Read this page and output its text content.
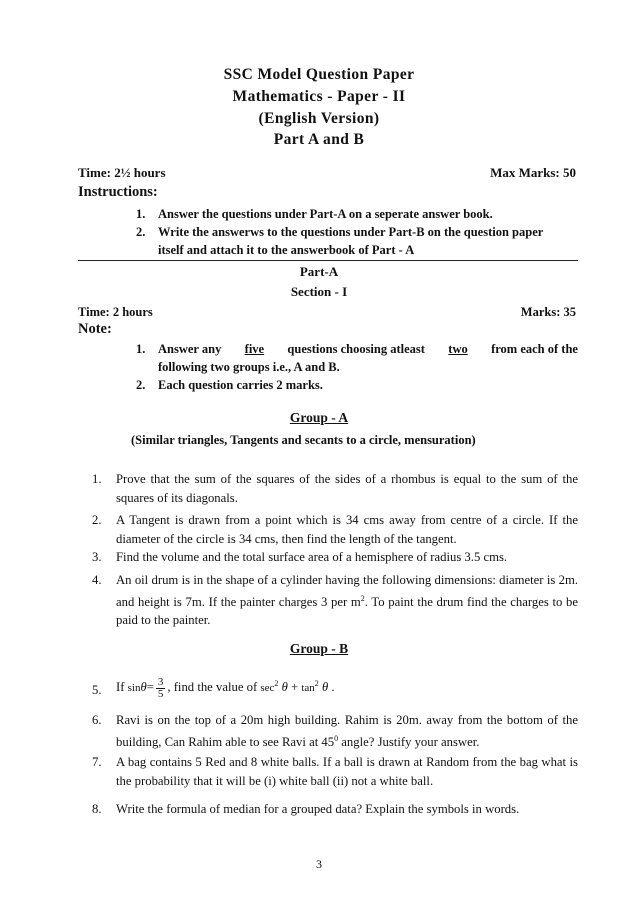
SSC Model Question Paper
Mathematics - Paper - II
(English Version)
Part A and B
Time: 2½ hours	Max Marks: 50
Instructions:
1. Answer the questions under Part-A on a seperate answer book.
2. Write the answerws to the questions under Part-B on the question paper
itself and attach it to the answerbook of Part - A
Part-A
Section - I
Time: 2 hours	Marks: 35
Note:
1. Answer any five questions choosing atleast two from each of the
following two groups i.e., A and B.
2. Each question carries 2 marks.
Group - A
(Similar triangles, Tangents and secants to a circle, mensuration)
1. Prove that the sum of the squares of the sides of a rhombus is equal to the sum of the squares of its diagonals.
2. A Tangent is drawn from a point which is 34 cms away from centre of a circle. If the diameter of the circle is 34 cms, then find the length of the tangent.
3. Find the volume and the total surface area of a hemisphere of radius 3.5 cms.
4. An oil drum is in the shape of a cylinder having the following dimensions: diameter is 2m. and height is 7m. If the painter charges 3 per $m^2$. To paint the drum find the charges to be paid to the painter.
Group - B
5. If $\sin\theta= \frac{3}{5}$ , find the value of $\sec^2 \theta + \tan^2 \theta$ .
6. Ravi is on the top of a 20m high building. Rahim is 20m. away from the bottom of the building, Can Rahim able to see Ravi at $45^0$ angle? Justify your answer.
7. A bag contains 5 Red and 8 white balls. If a ball is drawn at Random from the bag what is the probability that it will be (i) white ball (ii) not a white ball.
8. Write the formula of median for a grouped data? Explain the symbols in words.
3
